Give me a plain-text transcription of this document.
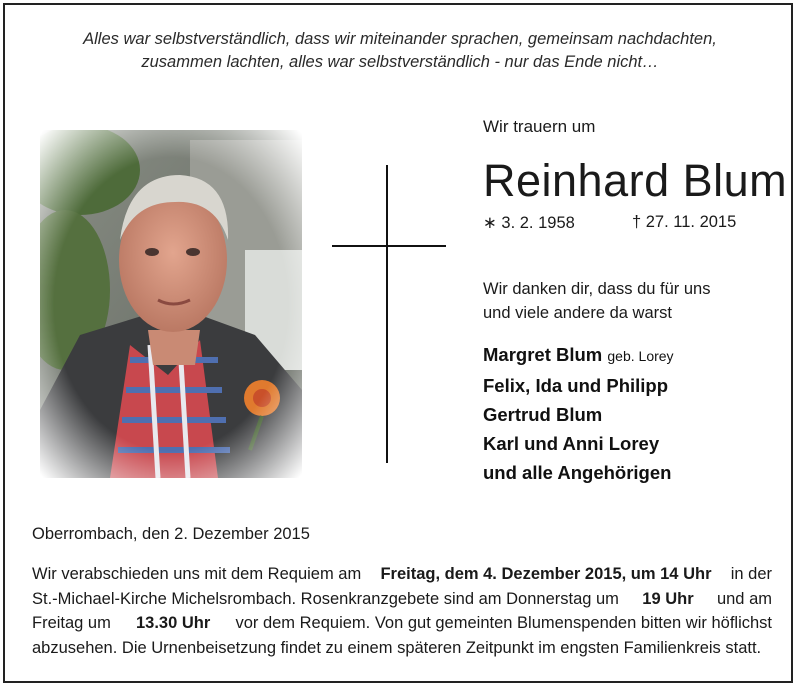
Alles war selbstverständlich, dass wir miteinander sprachen, gemeinsam nachdachten,
zusammen lachten, alles war selbstverständlich - nur das Ende nicht…
Wir trauern um
Reinhard Blum
∗ 3. 2. 1958	† 27. 11. 2015
Wir danken dir, dass du für uns
und viele andere da warst
Margret Blum geb. Lorey
Felix, Ida und Philipp
Gertrud Blum
Karl und Anni Lorey
und alle Angehörigen
Oberrombach, den 2. Dezember 2015
Wir verabschieden uns mit dem Requiem am Freitag, dem 4. Dezember 2015, um 14 Uhr in der
St.-Michael-Kirche Michelsrombach. Rosenkranzgebete sind am Donnerstag um 19 Uhr und am
Freitag um 13.30 Uhr vor dem Requiem. Von gut gemeinten Blumenspenden bitten wir höflichst
abzusehen. Die Urnenbeisetzung findet zu einem späteren Zeitpunkt im engsten Familienkreis statt.
